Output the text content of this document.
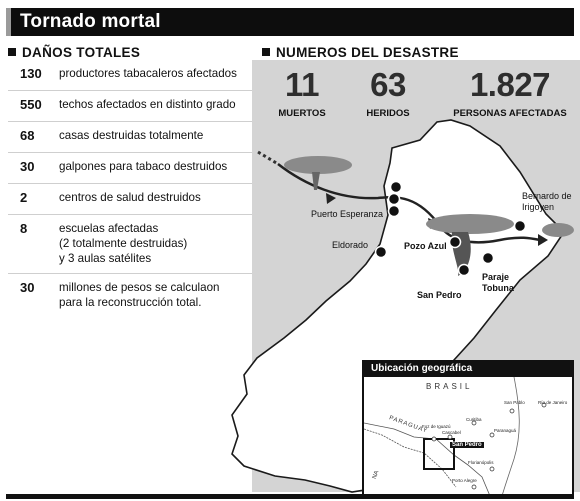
Tornado mortal
DAÑOS TOTALES	NUMEROS DEL DESASTRE
130 productores tabacaleros afectados
550 techos afectados en distinto grado
68 casas destruidas totalmente
30 galpones para tabaco destruidos
2	centros de salud destruidos
8	escuelas afectadas
(2 totalmente destruidas)
y 3 aulas satélites
30 millones de pesos se calculaon
para la reconstrucción total.
11
MUERTOS
63
HERIDOS
1.827
PERSONAS AFECTADAS
Puerto Esperanza
Eldorado	Pozo Azul
San Pedro
Paraje
Tobuna
Bernardo de
Irigoyen
Ubicación geográfica
BRASIL
PARAGUAY
NA
San Pedro
San Pablo	Río de Janeiro
Curitiba
Paranaguá
Cascabel
Foz de Iguazú
Florianópolis
Porto Alegre
